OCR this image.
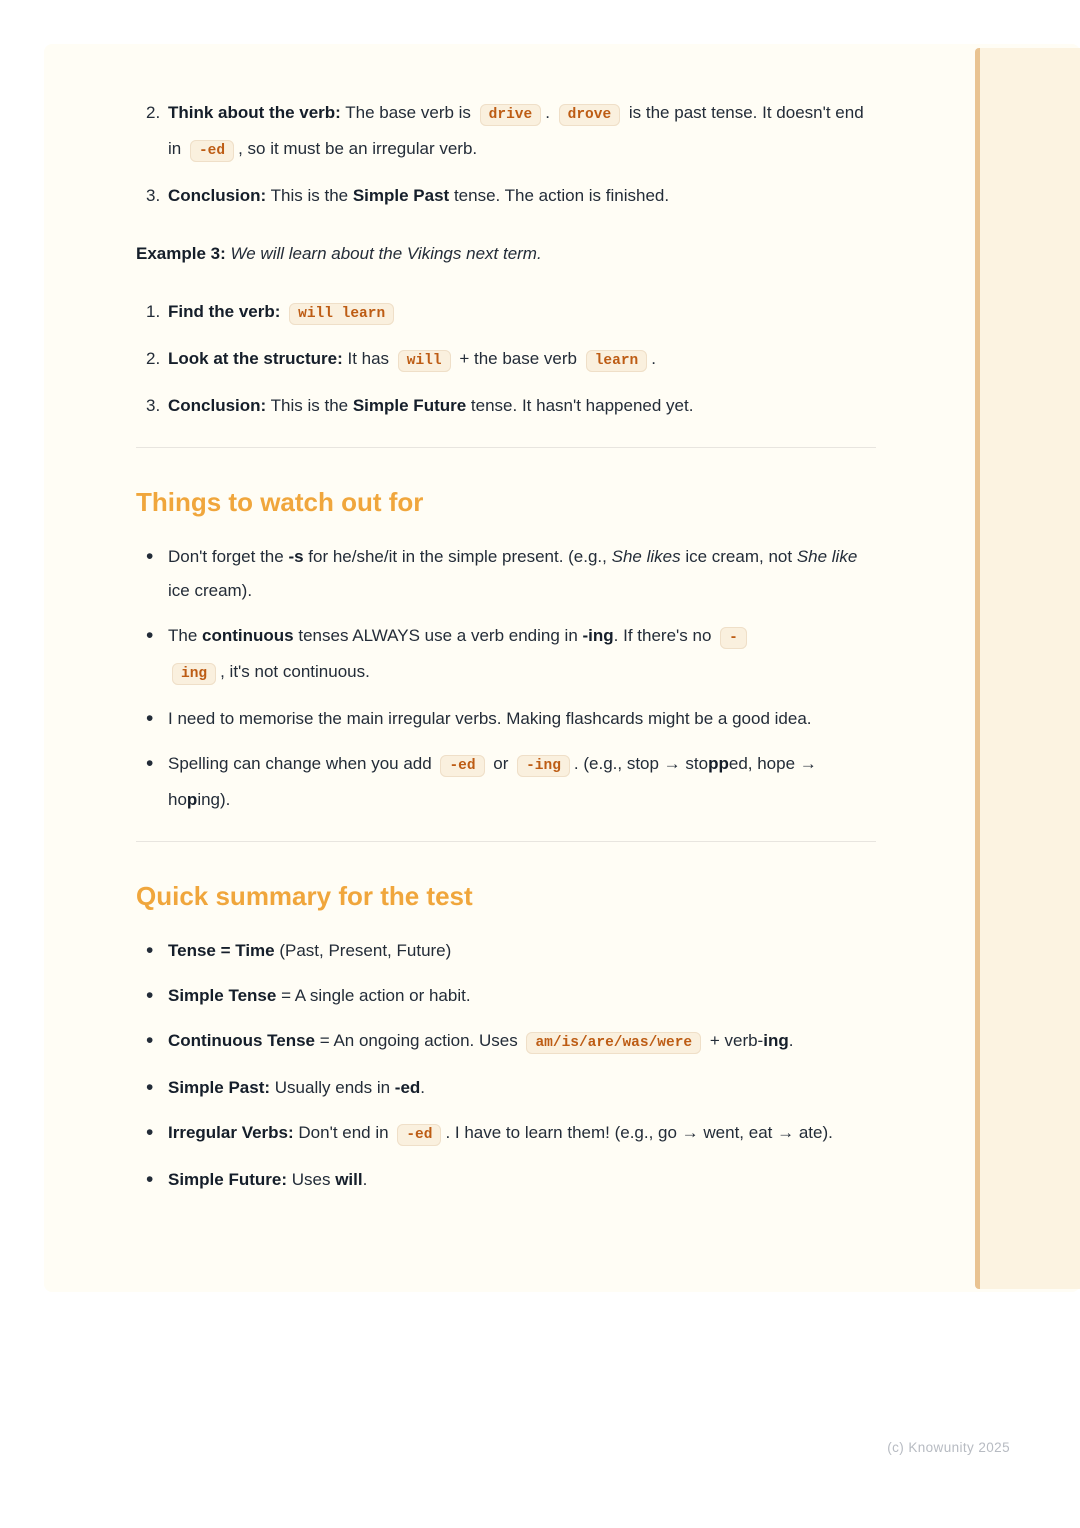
2. Think about the verb: The base verb is drive . drove is the past tense. It doesn't end in -ed , so it must be an irregular verb.
3. Conclusion: This is the Simple Past tense. The action is finished.

Example 3: We will learn about the Vikings next term.

1. Find the verb: will learn
2. Look at the structure: It has will + the base verb learn .
3. Conclusion: This is the Simple Future tense. It hasn't happened yet.
Things to watch out for
• Don't forget the -s for he/she/it in the simple present. (e.g., She likes ice cream, not She like ice cream).
• The continuous tenses ALWAYS use a verb ending in -ing. If there's no -
ing , it's not continuous.
• I need to memorise the main irregular verbs. Making flashcards might be a good idea.
• Spelling can change when you add -ed or -ing . (e.g., stop → stopped, hope → hoping).
Quick summary for the test
• Tense = Time (Past, Present, Future)
• Simple Tense = A single action or habit.
• Continuous Tense = An ongoing action. Uses am/is/are/was/were + verb-ing.
• Simple Past: Usually ends in -ed.
• Irregular Verbs: Don't end in -ed . I have to learn them! (e.g., go → went, eat → ate).
• Simple Future: Uses will.
(c) Knowunity 2025
